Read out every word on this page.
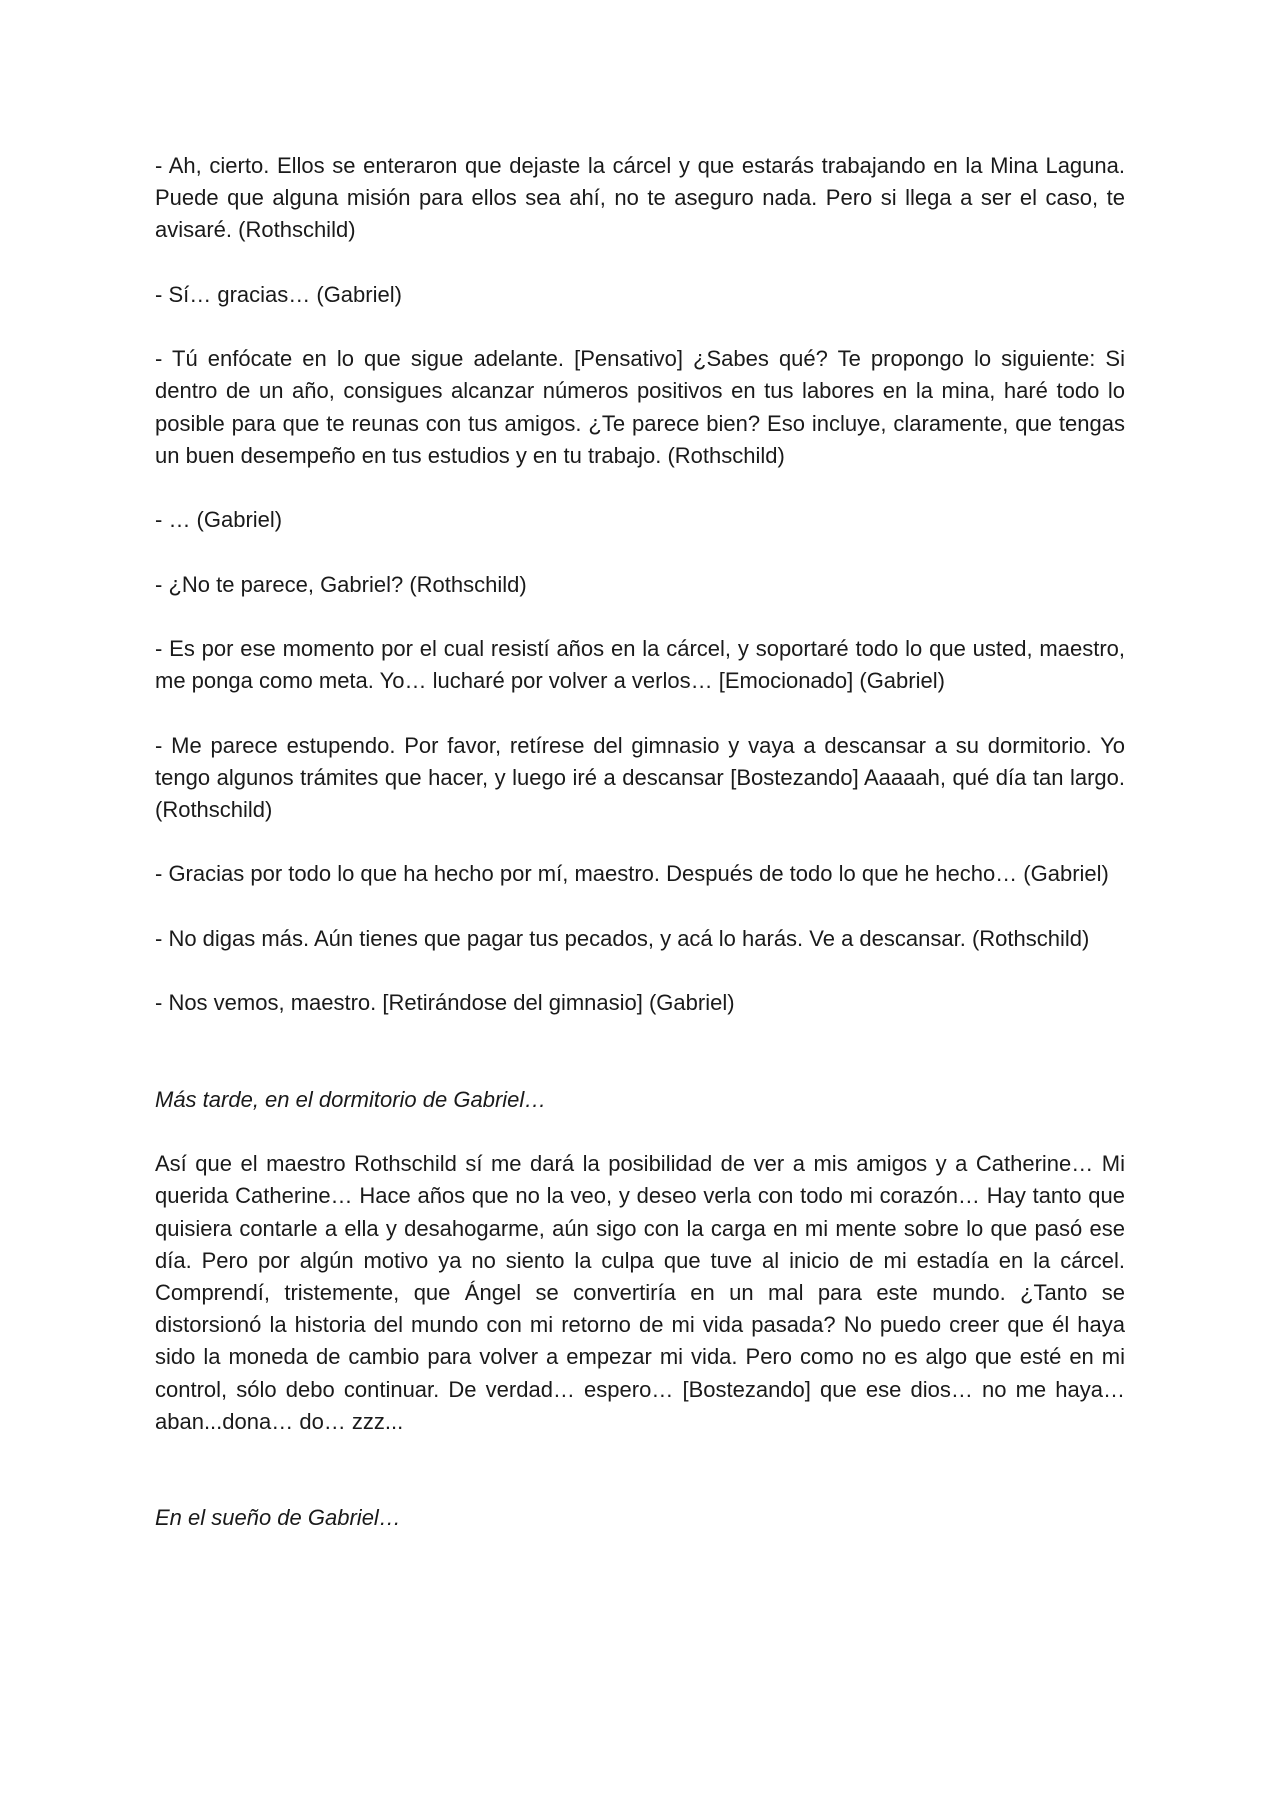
- Ah, cierto. Ellos se enteraron que dejaste la cárcel y que estarás trabajando en la Mina Laguna. Puede que alguna misión para ellos sea ahí, no te aseguro nada. Pero si llega a ser el caso, te avisaré. (Rothschild)

- Sí… gracias… (Gabriel)

- Tú enfócate en lo que sigue adelante. [Pensativo] ¿Sabes qué? Te propongo lo siguiente: Si dentro de un año, consigues alcanzar números positivos en tus labores en la mina, haré todo lo posible para que te reunas con tus amigos. ¿Te parece bien? Eso incluye, claramente, que tengas un buen desempeño en tus estudios y en tu trabajo. (Rothschild)

- … (Gabriel)

- ¿No te parece, Gabriel? (Rothschild)

- Es por ese momento por el cual resistí años en la cárcel, y soportaré todo lo que usted, maestro, me ponga como meta. Yo… lucharé por volver a verlos… [Emocionado] (Gabriel)

- Me parece estupendo. Por favor, retírese del gimnasio y vaya a descansar a su dormitorio. Yo tengo algunos trámites que hacer, y luego iré a descansar [Bostezando] Aaaaah, qué día tan largo. (Rothschild)

- Gracias por todo lo que ha hecho por mí, maestro. Después de todo lo que he hecho… (Gabriel)

- No digas más. Aún tienes que pagar tus pecados, y acá lo harás. Ve a descansar. (Rothschild)

- Nos vemos, maestro. [Retirándose del gimnasio] (Gabriel)

Más tarde, en el dormitorio de Gabriel…

Así que el maestro Rothschild sí me dará la posibilidad de ver a mis amigos y a Catherine… Mi querida Catherine… Hace años que no la veo, y deseo verla con todo mi corazón… Hay tanto que quisiera contarle a ella y desahogarme, aún sigo con la carga en mi mente sobre lo que pasó ese día. Pero por algún motivo ya no siento la culpa que tuve al inicio de mi estadía en la cárcel. Comprendí, tristemente, que Ángel se convertiría en un mal para este mundo. ¿Tanto se distorsionó la historia del mundo con mi retorno de mi vida pasada? No puedo creer que él haya sido la moneda de cambio para volver a empezar mi vida. Pero como no es algo que esté en mi control, sólo debo continuar. De verdad… espero… [Bostezando] que ese dios… no me haya… aban...dona… do… zzz...

En el sueño de Gabriel…
